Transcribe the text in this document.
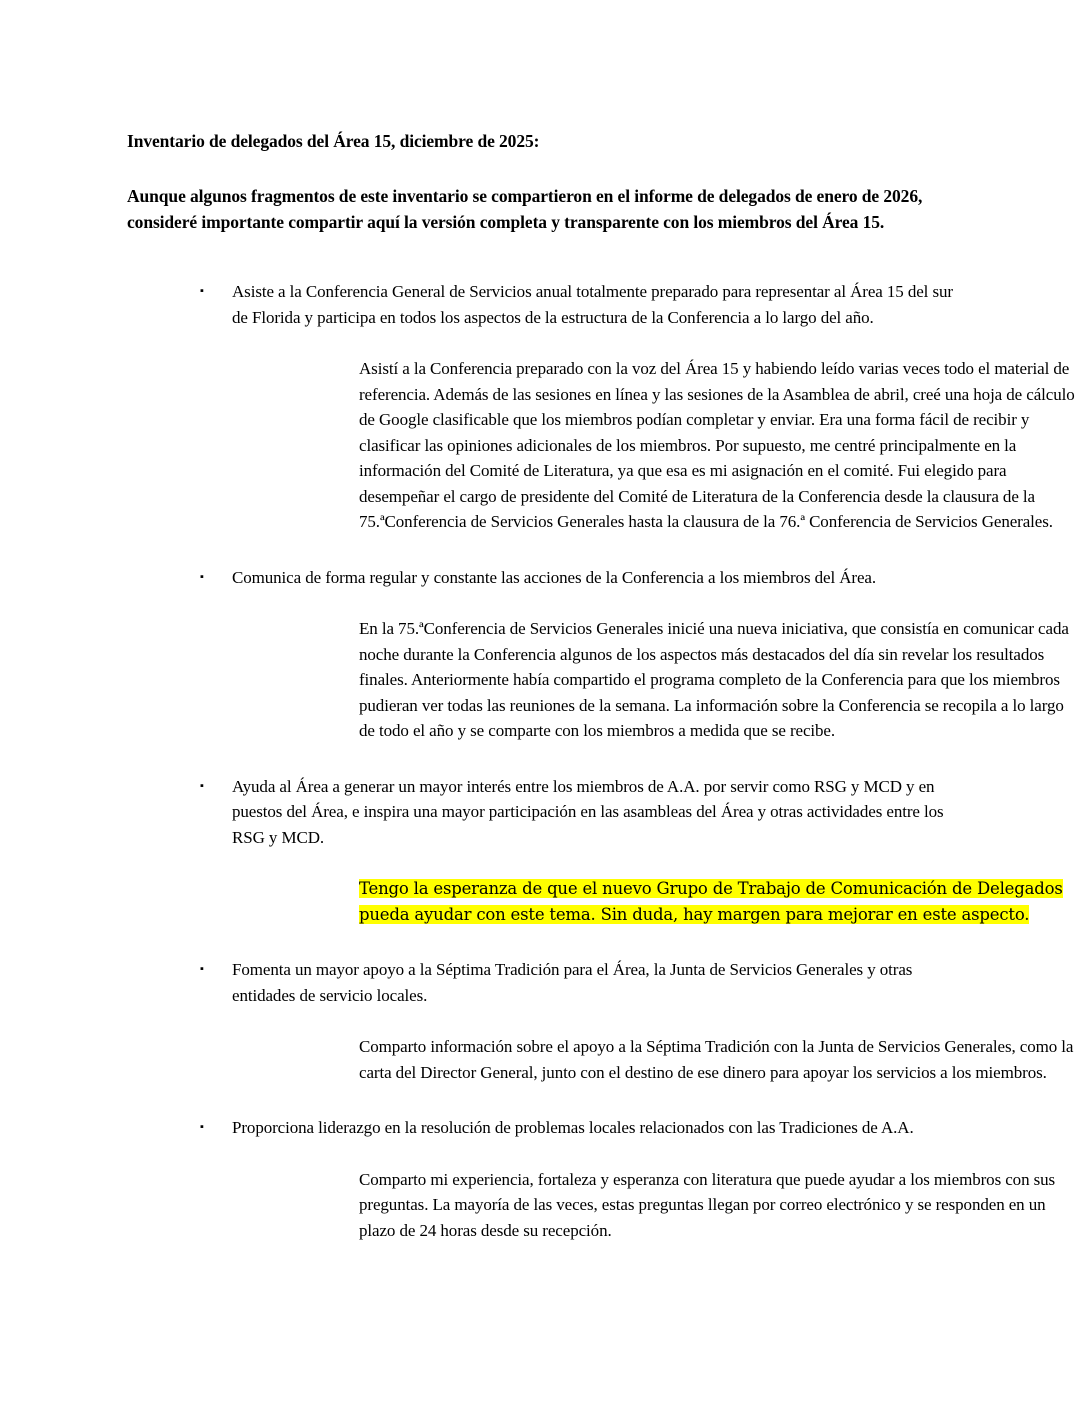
Inventario de delegados del Área 15, diciembre de 2025:

Aunque algunos fragmentos de este inventario se compartieron en el informe de delegados de enero de 2026, consideré importante compartir aquí la versión completa y transparente con los miembros del Área 15.

▪	Asiste a la Conferencia General de Servicios anual totalmente preparado para representar al Área 15 del sur de Florida y participa en todos los aspectos de la estructura de la Conferencia a lo largo del año.

Asistí a la Conferencia preparado con la voz del Área 15 y habiendo leído varias veces todo el material de referencia. Además de las sesiones en línea y las sesiones de la Asamblea de abril, creé una hoja de cálculo de Google clasificable que los miembros podían completar y enviar. Era una forma fácil de recibir y clasificar las opiniones adicionales de los miembros. Por supuesto, me centré principalmente en la información del Comité de Literatura, ya que esa es mi asignación en el comité. Fui elegido para desempeñar el cargo de presidente del Comité de Literatura de la Conferencia desde la clausura de la 75.ªConferencia de Servicios Generales hasta la clausura de la 76.ª Conferencia de Servicios Generales.

▪	Comunica de forma regular y constante las acciones de la Conferencia a los miembros del Área.

En la 75.ªConferencia de Servicios Generales inicié una nueva iniciativa, que consistía en comunicar cada noche durante la Conferencia algunos de los aspectos más destacados del día sin revelar los resultados finales. Anteriormente había compartido el programa completo de la Conferencia para que los miembros pudieran ver todas las reuniones de la semana. La información sobre la Conferencia se recopila a lo largo de todo el año y se comparte con los miembros a medida que se recibe.

▪	Ayuda al Área a generar un mayor interés entre los miembros de A.A. por servir como RSG y MCD y en puestos del Área, e inspira una mayor participación en las asambleas del Área y otras actividades entre los RSG y MCD.

Tengo la esperanza de que el nuevo Grupo de Trabajo de Comunicación de Delegados pueda ayudar con este tema. Sin duda, hay margen para mejorar en este aspecto.

▪	Fomenta un mayor apoyo a la Séptima Tradición para el Área, la Junta de Servicios Generales y otras entidades de servicio locales.

Comparto información sobre el apoyo a la Séptima Tradición con la Junta de Servicios Generales, como la carta del Director General, junto con el destino de ese dinero para apoyar los servicios a los miembros.

▪	Proporciona liderazgo en la resolución de problemas locales relacionados con las Tradiciones de A.A.

Comparto mi experiencia, fortaleza y esperanza con literatura que puede ayudar a los miembros con sus preguntas. La mayoría de las veces, estas preguntas llegan por correo electrónico y se responden en un plazo de 24 horas desde su recepción.
